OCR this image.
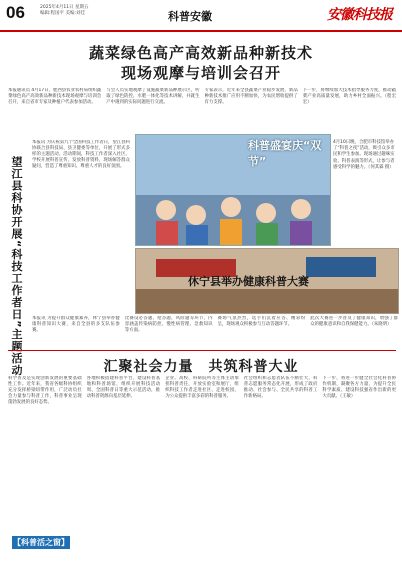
06	2025年4月11日 星期五
编辑:程国平 美编:刘佳	科普安徽	安徽科技报
蔬菜绿色高产高效新品种新技术
现场观摩与培训会召开
本报通讯员 4月17日，肥西县农业农村局组织蔬菜绿色高产高效新品种新技术现场观摩与培训会召开，来自省市专家及种植户代表参加活动。
与会人员实地观摩了设施蔬菜新品种展示区，听取了绿色防控、水肥一体化等技术讲解，并就生产中遇到的实际问题进行交流。
专家表示，近年来全县蔬菜产业稳步发展，新品种新技术推广应用不断加快，为农民增收提供了有力支撑。
下一步，将继续加大技术指导服务力度，推动蔬菜产业高质量发展，助力乡村全面振兴。（程宏宏）
望江县科协开展“科技工作者日”主题活动
本报讯 为庆祝第九个全国科技工作者日，望江县科协联合县科技局、县卫健委等单位，开展了形式多样的主题活动。活动期间，科技工作者深入社区、学校开展科普宣传，发放科普资料，现场解答群众疑问，营造了尊重知识、尊重人才的良好氛围。
科普盛宴庆“双节”
4月10日晚，合肥市科技馆举办了“科普之夜”活动，吸引众多市民和学生参加。现场通过趣味实验、科普表演等形式，让参与者感受科学的魅力。（何其霖 摄）
休宁县举办健康科普大赛
本报讯 为提升群众健康素养，休宁县举办健康科普知识大赛，来自全县的多支队伍参赛。
比赛设必答题、抢答题、风险题等环节，内容涵盖传染病防控、慢性病管理、急救知识等方面。
赛场气氛热烈，选手们沉着应答、精彩纷呈，现场观众积极参与互动答题环节。
此次大赛进一步普及了健康知识，增强了群众的健康意识和自我保健能力。（朱晓明）
汇聚社会力量　共筑科普大业
科学普及是实现创新发展的重要基础性工作。近年来，我省各级科协组织充分发挥桥梁纽带作用，广泛动员社会力量参与科普工作，科普事业呈现蓬勃发展的良好态势。
各地积极搭建科普平台，建设科普基地和科普场馆，组织开展科技活动周、全国科普日等重大示范活动，推动科普资源向基层延伸。
企业、高校、科研院所等主体主动承担科普责任，开放实验室和展厅，组织科技工作者走进社区、走进校园，为公众提供丰富多彩的科普服务。
社会组织和志愿者队伍不断壮大，科普志愿服务常态化开展，形成了政府推动、社会参与、全民共享的科普工作新格局。
下一步，将进一步健全社会化科普协作机制，凝聚各方力量，为提升全民科学素质、建设科技强省作出新的更大贡献。（王敏）
【科普活之窗】
